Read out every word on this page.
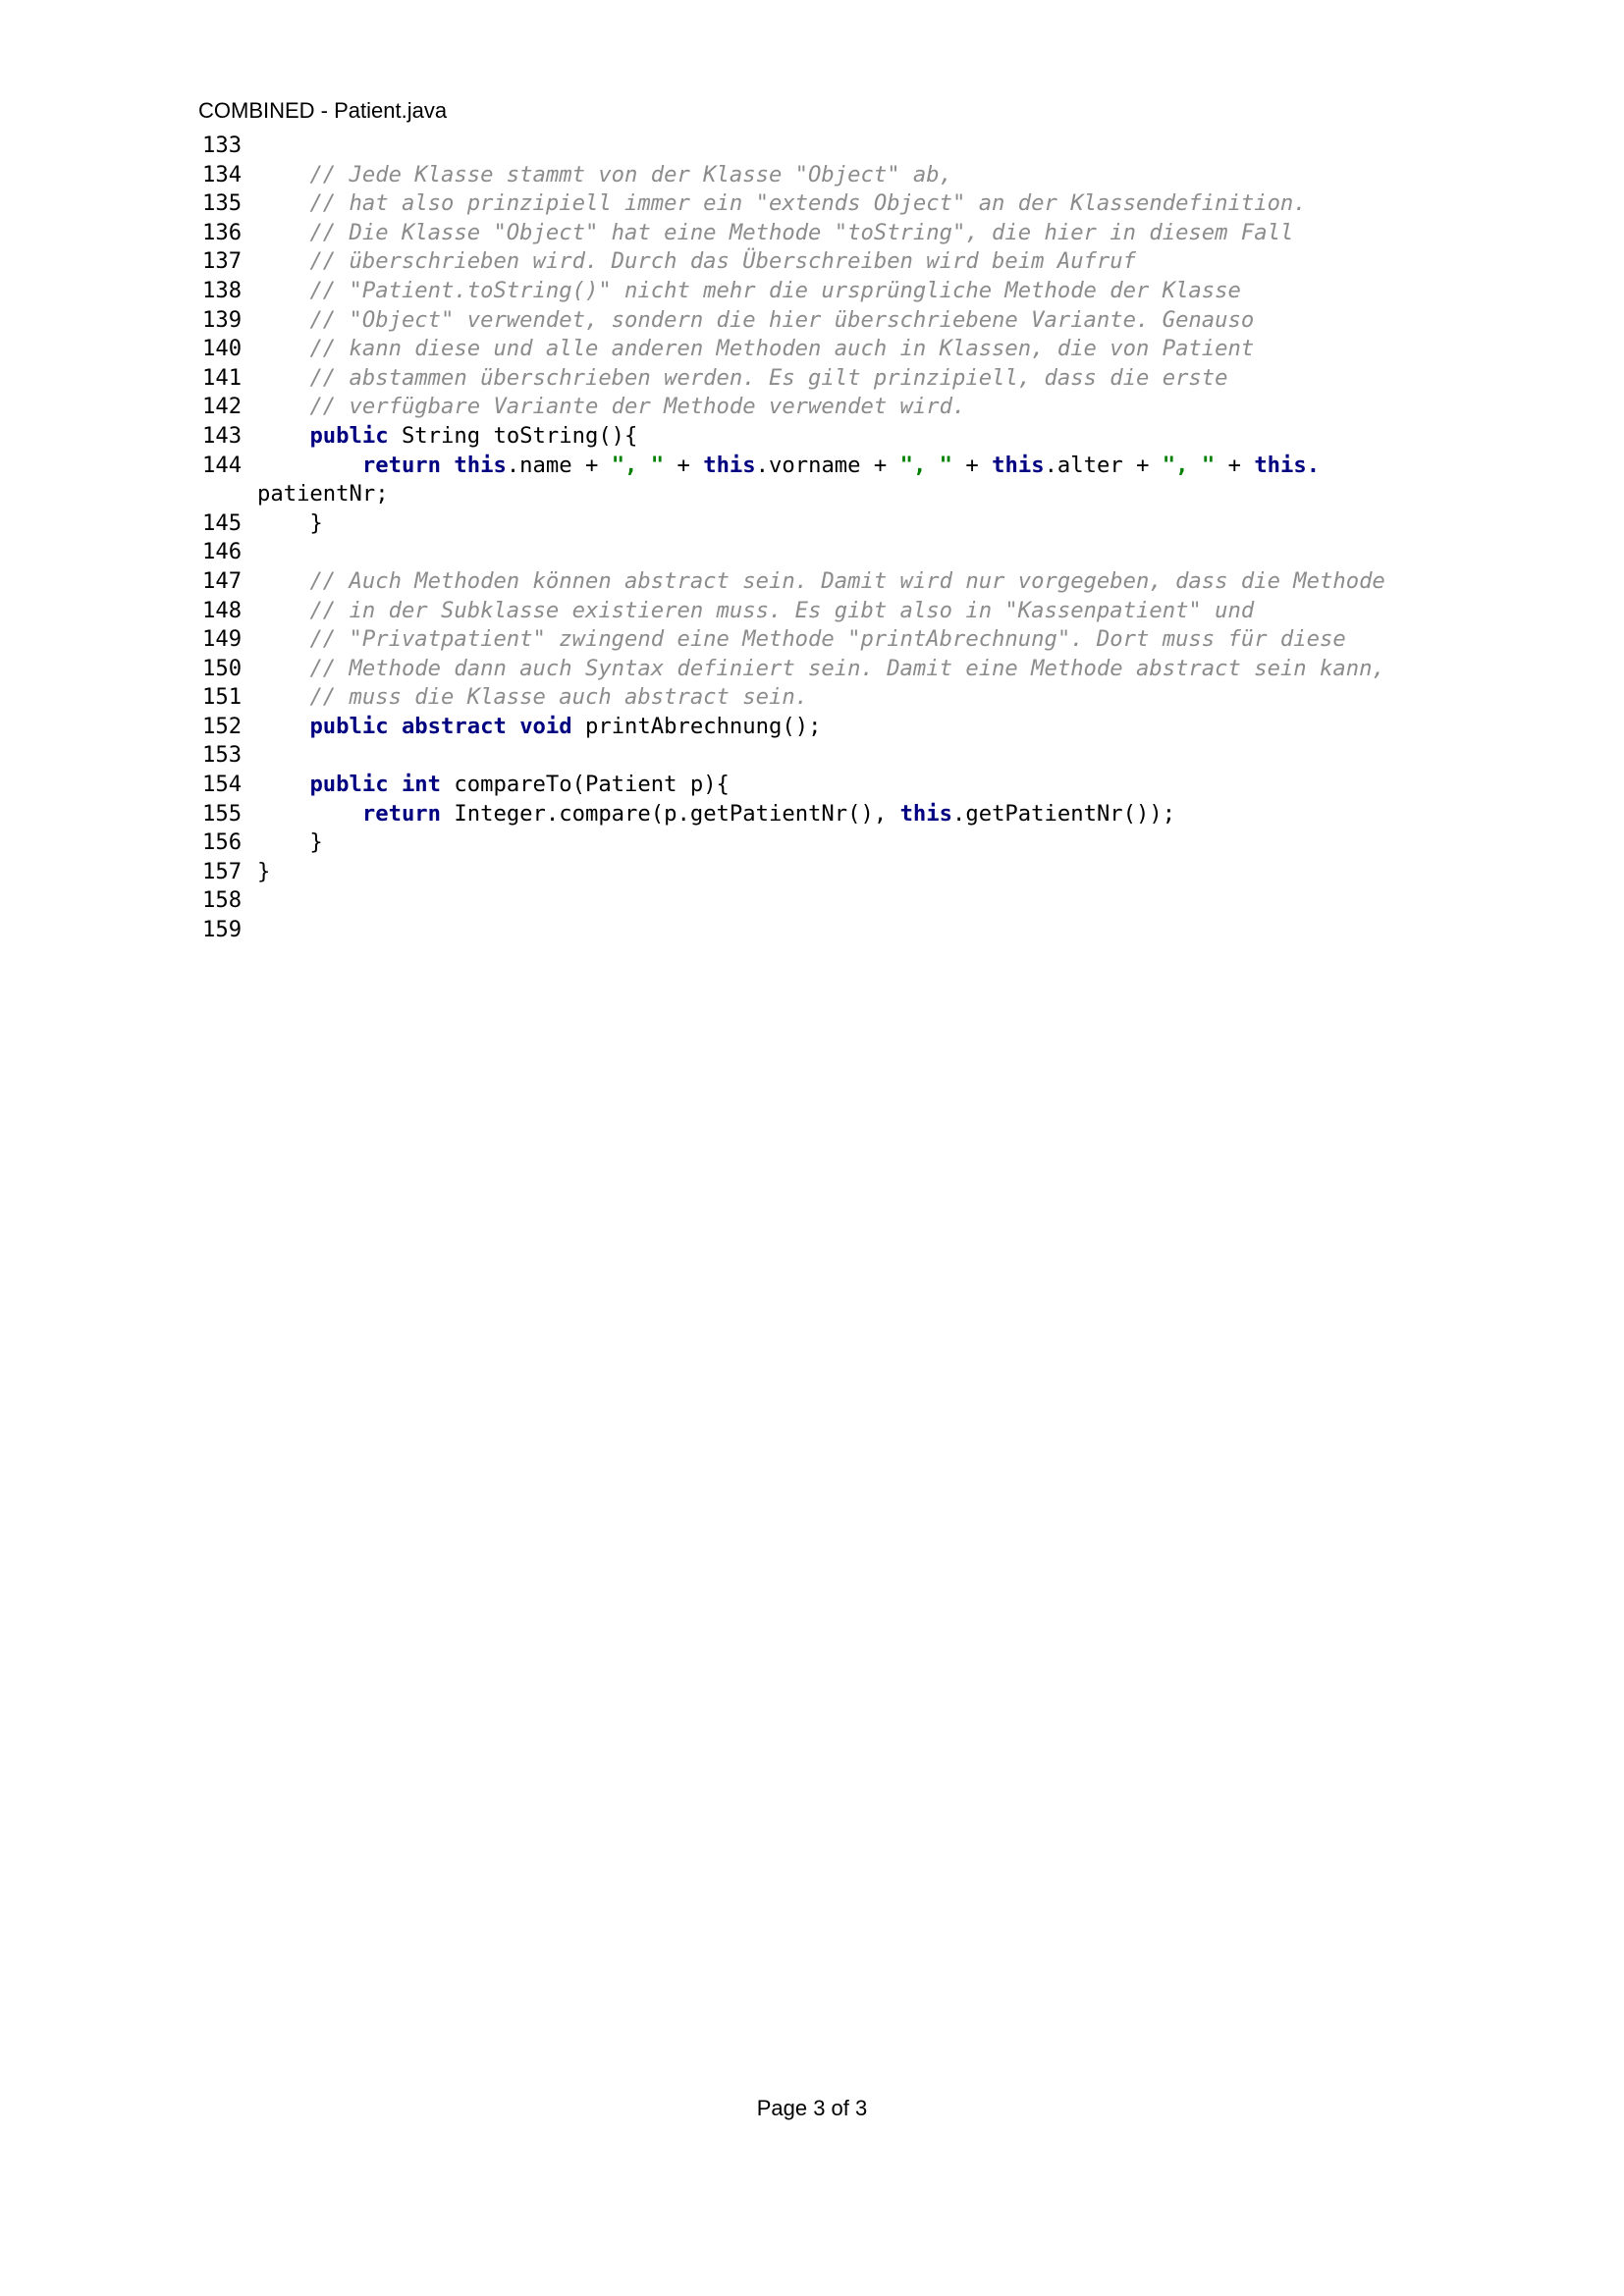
COMBINED - Patient.java
133
134	// Jede Klasse stammt von der Klasse "Object" ab,
135	// hat also prinzipiell immer ein "extends Object" an der Klassendefinition.
136	// Die Klasse "Object" hat eine Methode "toString", die hier in diesem Fall
137	// überschrieben wird. Durch das Überschreiben wird beim Aufruf
138	// "Patient.toString()" nicht mehr die ursprüngliche Methode der Klasse
139	// "Object" verwendet, sondern die hier überschriebene Variante. Genauso
140	// kann diese und alle anderen Methoden auch in Klassen, die von Patient
141	// abstammen überschrieben werden. Es gilt prinzipiell, dass die erste
142	// verfügbare Variante der Methode verwendet wird.
143	public String toString(){
144	return this.name + ", " + this.vorname + ", " + this.alter + ", " + this.
patientNr;
145 }
146
147	// Auch Methoden können abstract sein. Damit wird nur vorgegeben, dass die Methode
148	// in der Subklasse existieren muss. Es gibt also in "Kassenpatient" und
149	// "Privatpatient" zwingend eine Methode "printAbrechnung". Dort muss für diese
150	// Methode dann auch Syntax definiert sein. Damit eine Methode abstract sein kann,
151	// muss die Klasse auch abstract sein.
152	public abstract void printAbrechnung();
153
154	public int compareTo(Patient p){
155	return Integer.compare(p.getPatientNr(), this.getPatientNr());
156 }
157 }
158
159
Page 3 of 3
